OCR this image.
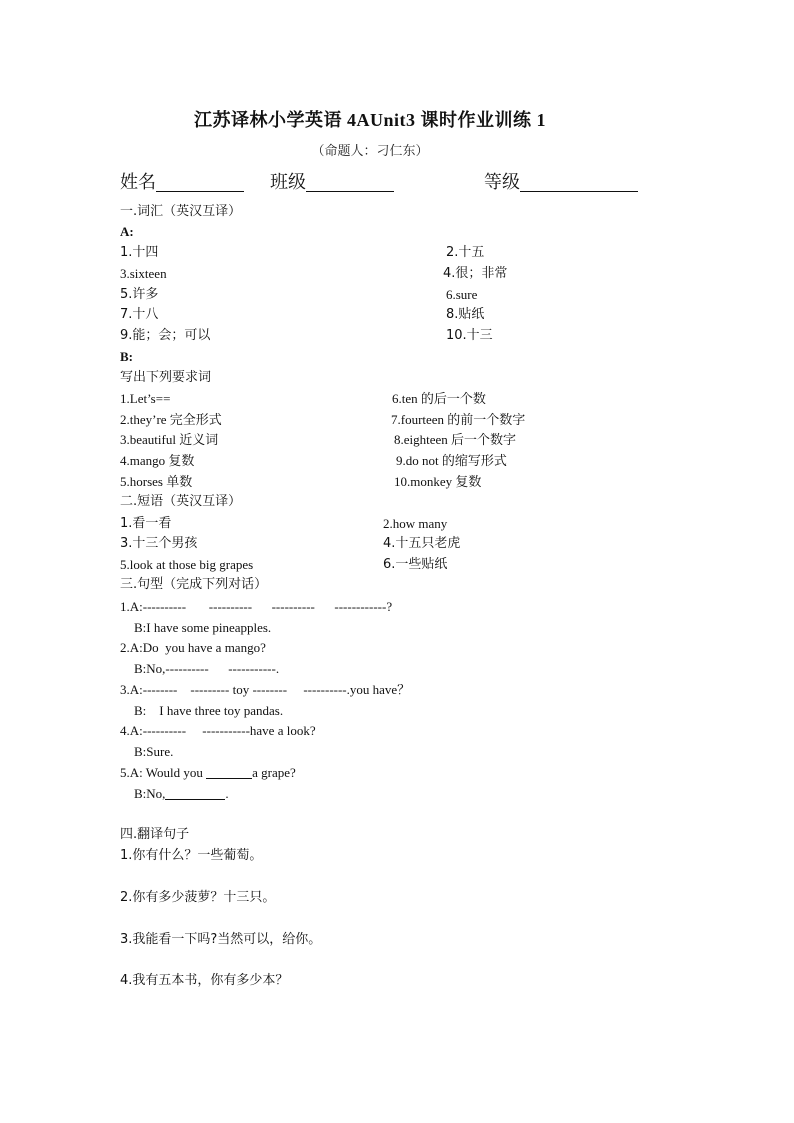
江苏译林小学英语 4AUnit3 课时作业训练 1
（命题人：刁仁东）
姓名	班级	等级
一.词汇（英汉互译）
A:
1.十四	2.十五
3.sixteen	4.很；非常
5.许多	6.sure
7.十八	8.贴纸
9.能；会；可以	10.十三
B:
写出下列要求词
1.Let’s==	6.ten 的后一个数
2.they’re 完全形式	7.fourteen 的前一个数字
3.beautiful 近义词	8.eighteen 后一个数字
4.mango 复数	9.do not 的缩写形式
5.horses 单数	10.monkey 复数
二.短语（英汉互译）
1.看一看	2.how many
3.十三个男孩	4.十五只老虎
5.look at those big grapes	6.一些贴纸
三.句型（完成下列对话）
1.A:----------       ----------      ----------      ------------?
B:I have some pineapples.
2.A:Do  you have a mango?
B:No,----------      -----------.
3.A:--------    --------- toy --------     ----------.you have？
B:    I have three toy pandas.
4.A:----------     -----------have a look?
B:Sure.
5.A: Would you	a grape?
B:No,	.
四.翻译句子
1.你有什么？一些葡萄。
2.你有多少菠萝？十三只。
3.我能看一下吗?当然可以，给你。
4.我有五本书，你有多少本？
